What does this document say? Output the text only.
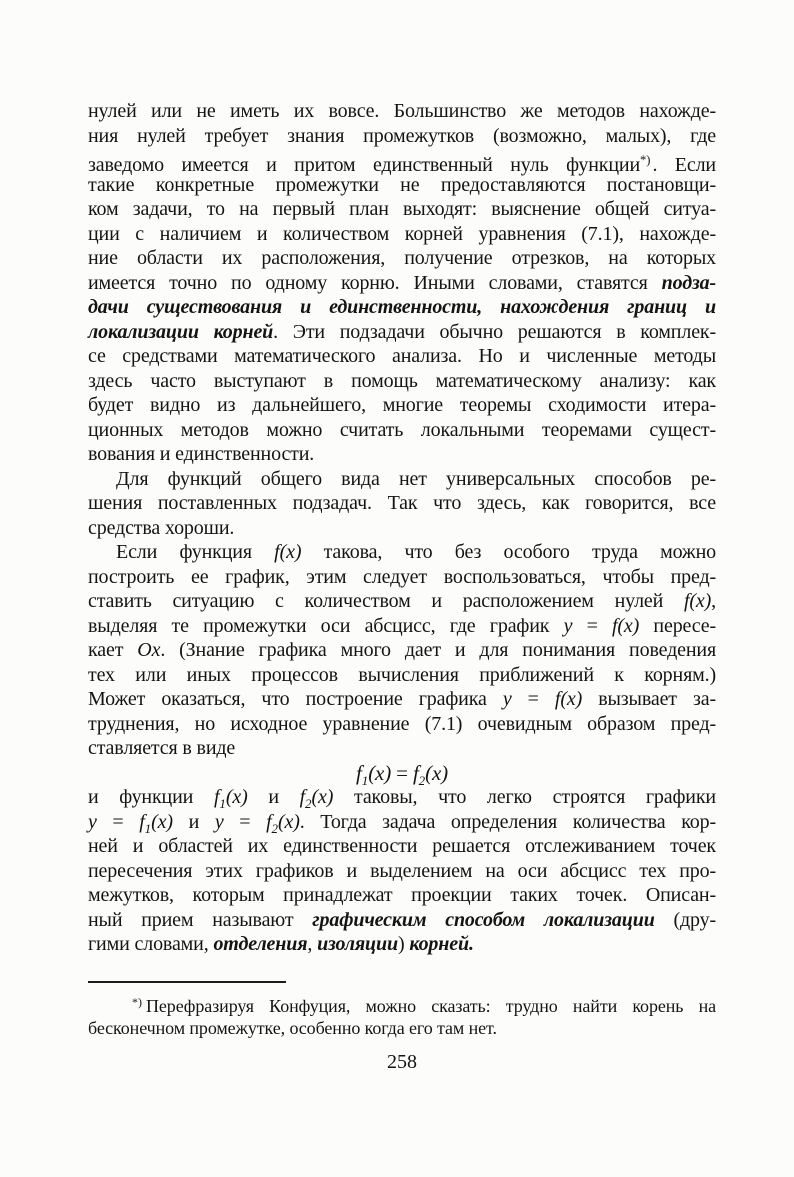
нулей или не иметь их вовсе. Большинство же методов нахожде-
ния нулей требует знания промежутков (возможно, малых), где
заведомо имеется и притом единственный нуль функции*) . Если
такие конкретные промежутки не предоставляются постановщи-
ком задачи, то на первый план выходят: выяснение общей ситуа-
ции с наличием и количеством корней уравнения (7.1), нахожде-
ние области их расположения, получение отрезков, на которых
имеется точно по одному корню. Иными словами, ставятся подза-
дачи существования и единственности, нахождения границ и
локализации корней. Эти подзадачи обычно решаются в комплек-
се средствами математического анализа. Но и численные методы
здесь часто выступают в помощь математическому анализу: как
будет видно из дальнейшего, многие теоремы сходимости итера-
ционных методов можно считать локальными теоремами сущест-
вования и единственности.
Для функций общего вида нет универсальных способов ре-
шения поставленных подзадач. Так что здесь, как говорится, все
средства хороши.
Если функция f(x) такова, что без особого труда можно
построить ее график, этим следует воспользоваться, чтобы пред-
ставить ситуацию с количеством и расположением нулей f(x),
выделяя те промежутки оси абсцисс, где график y = f(x) пересе-
кает Ox. (Знание графика много дает и для понимания поведения
тех или иных процессов вычисления приближений к корням.)
Может оказаться, что построение графика y = f(x) вызывает за-
труднения, но исходное уравнение (7.1) очевидным образом пред-
ставляется в виде
$f_1(x) = f_2(x)$
и функции $f_1(x)$ и $f_2(x)$ таковы, что легко строятся графики
$y = f_1(x)$ и $y = f_2(x)$. Тогда задача определения количества кор-
ней и областей их единственности решается отслеживанием точек
пересечения этих графиков и выделением на оси абсцисс тех про-
межутков, которым принадлежат проекции таких точек. Описан-
ный прием называют графическим способом локализации (дру-
гими словами, отделения, изоляции) корней.
*) Перефразируя Конфуция, можно сказать: трудно найти корень на
бесконечном промежутке, особенно когда его там нет.
258
